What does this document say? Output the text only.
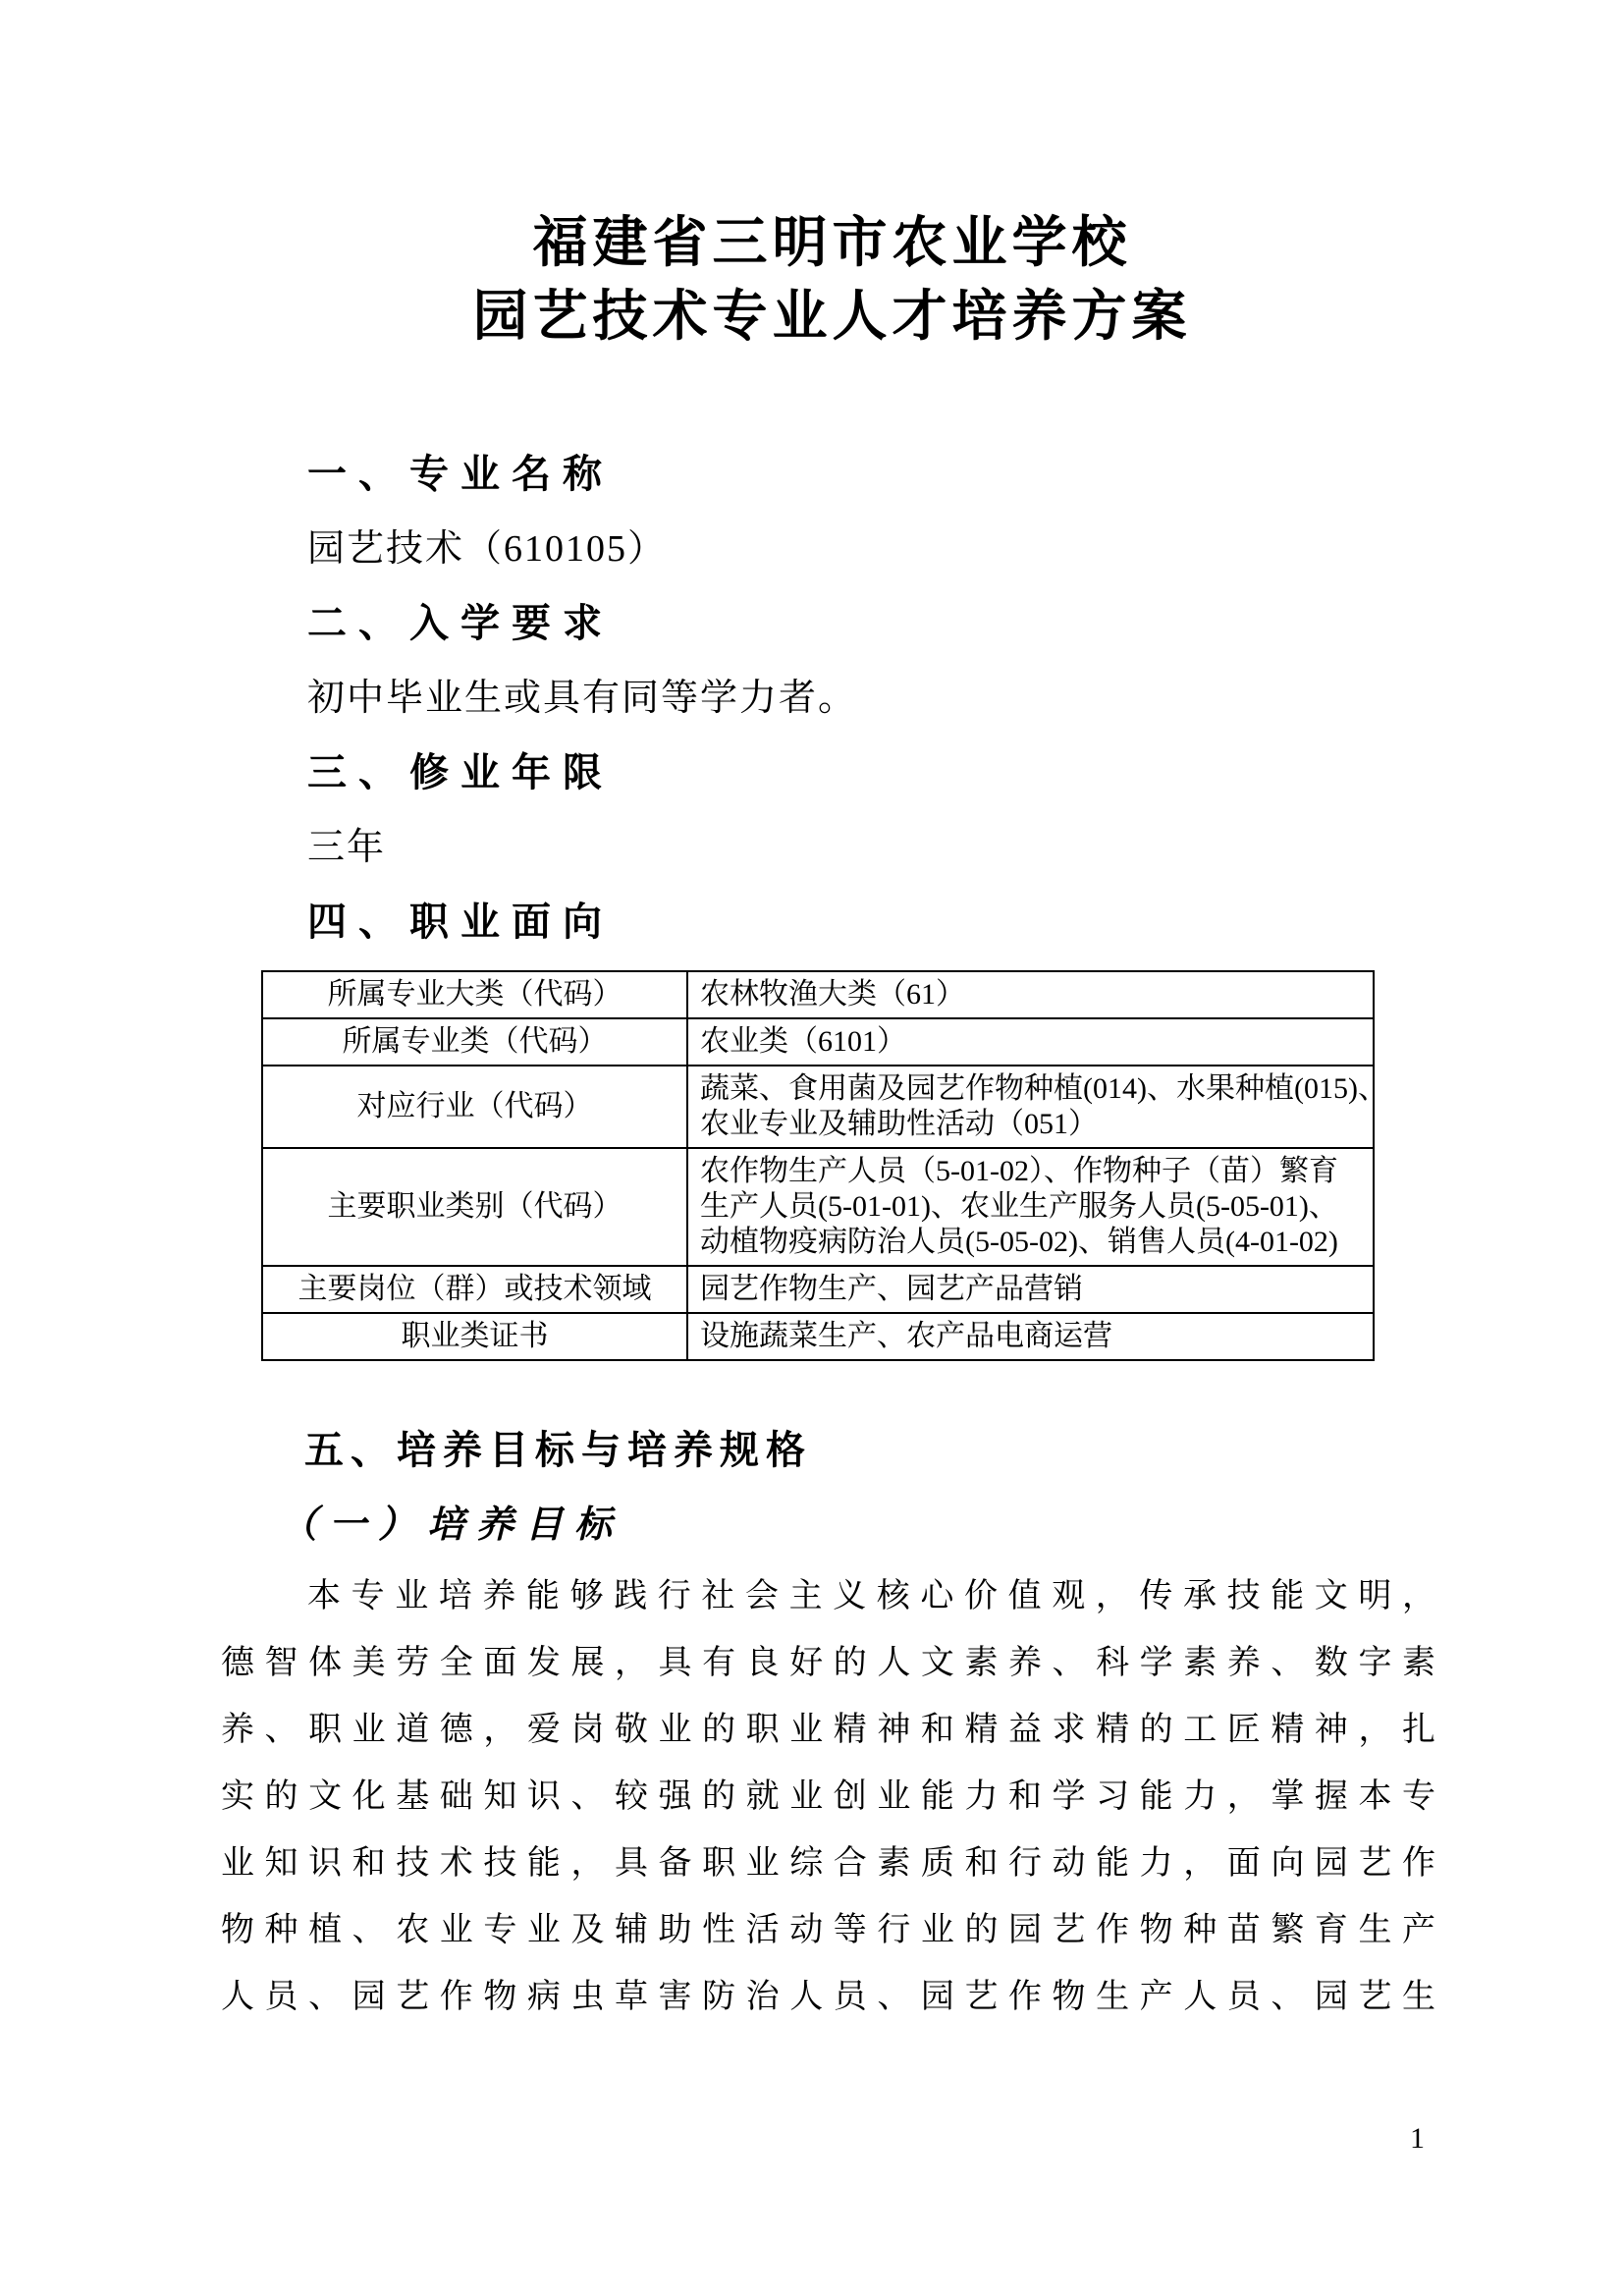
福建省三明市农业学校
园艺技术专业人才培养方案
一、专业名称
园艺技术（610105）
二、入学要求
初中毕业生或具有同等学力者。
三、修业年限
三年
四、职业面向
所属专业大类（代码）	农林牧渔大类（61）

所属专业类（代码）	农业类（6101）

对应行业（代码）	蔬菜、食用菌及园艺作物种植(014)、水果种植(015)、
农业专业及辅助性活动（051）

主要职业类别（代码）	农作物生产人员（5-01-02）、作物种子（苗）繁育
生产人员(5-01-01)、农业生产服务人员(5-05-01)、
动植物疫病防治人员(5-05-02)、销售人员(4-01-02)

主要岗位（群）或技术领域	园艺作物生产、园艺产品营销

职业类证书	设施蔬菜生产、农产品电商运营
五、培养目标与培养规格
（一）培养目标
本专业培养能够践行社会主义核心价值观，传承技能文明，
德智体美劳全面发展，具有良好的人文素养、科学素养、数字素
养、职业道德，爱岗敬业的职业精神和精益求精的工匠精神，扎
实的文化基础知识、较强的就业创业能力和学习能力，掌握本专
业知识和技术技能，具备职业综合素质和行动能力，面向园艺作
物种植、农业专业及辅助性活动等行业的园艺作物种苗繁育生产
人员、园艺作物病虫草害防治人员、园艺作物生产人员、园艺生
1
